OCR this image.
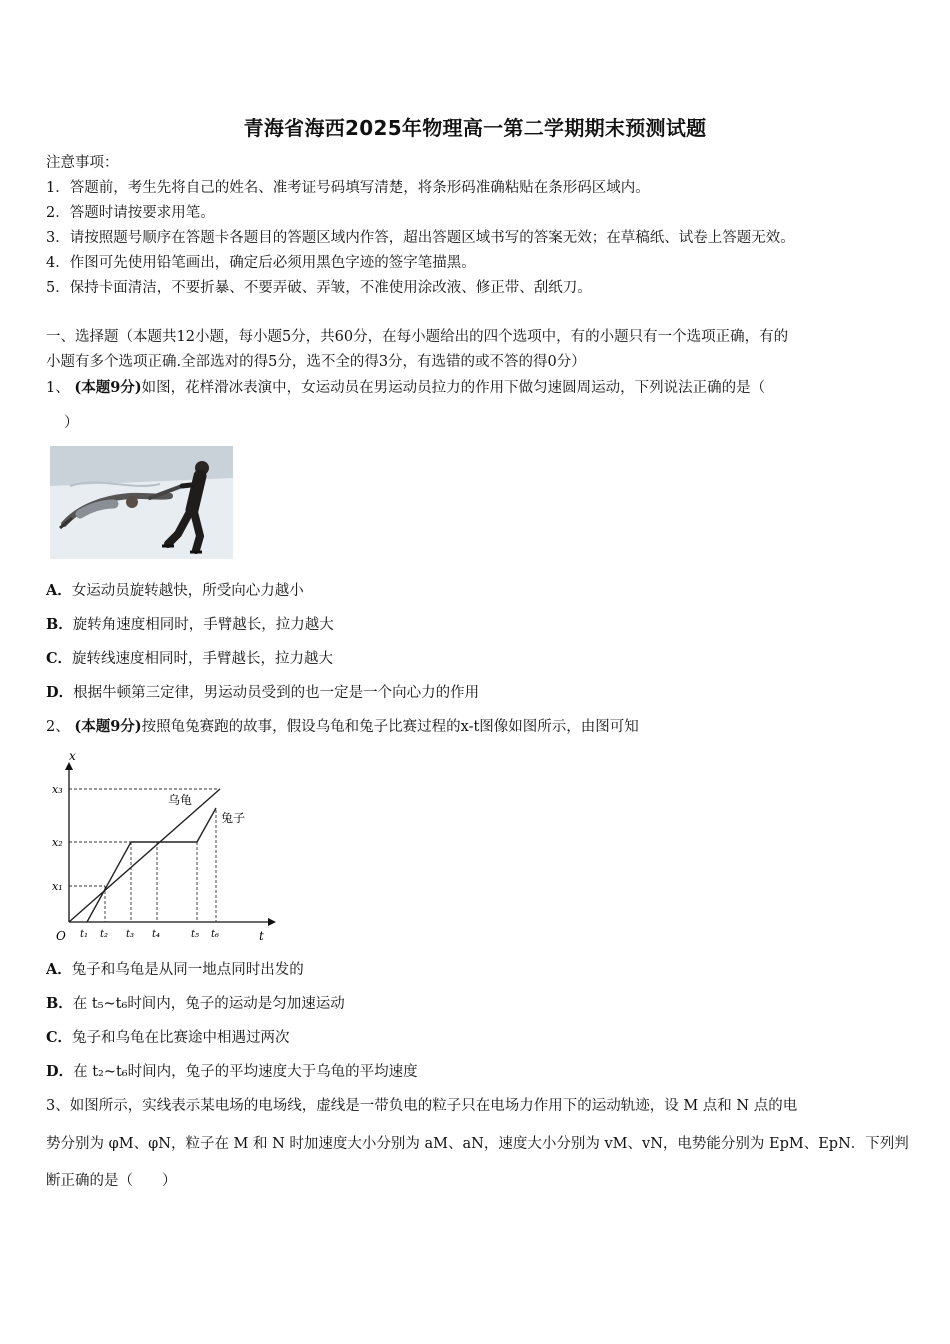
青海省海西2025年物理高一第二学期期末预测试题
注意事项：
1．答题前，考生先将自己的姓名、准考证号码填写清楚，将条形码准确粘贴在条形码区域内。
2．答题时请按要求用笔。
3．请按照题号顺序在答题卡各题目的答题区域内作答，超出答题区域书写的答案无效；在草稿纸、试卷上答题无效。
4．作图可先使用铅笔画出，确定后必须用黑色字迹的签字笔描黑。
5．保持卡面清洁，不要折暴、不要弄破、弄皱，不准使用涂改液、修正带、刮纸刀。
一、选择题（本题共12小题，每小题5分，共60分，在每小题给出的四个选项中，有的小题只有一个选项正确，有的
小题有多个选项正确.全部选对的得5分，选不全的得3分，有选错的或不答的得0分）
1、 (本题9分)如图，花样滑冰表演中，女运动员在男运动员拉力的作用下做匀速圆周运动，下列说法正确的是（
）
A．女运动员旋转越快，所受向心力越小
B．旋转角速度相同时，手臂越长，拉力越大
C．旋转线速度相同时，手臂越长，拉力越大
D．根据牛顿第三定律，男运动员受到的也一定是一个向心力的作用
2、 (本题9分)按照龟兔赛跑的故事，假设乌龟和兔子比赛过程的x-t图像如图所示，由图可知
x
t
O
x₃
x₂
x₁
t₁ t₂ t₃ t₄	t₅ t₆
乌龟
兔子
A．兔子和乌龟是从同一地点同时出发的
B．在 t₅~t₆时间内，兔子的运动是匀加速运动
C．兔子和乌龟在比赛途中相遇过两次
D．在 t₂~t₆时间内，兔子的平均速度大于乌龟的平均速度
3、如图所示，实线表示某电场的电场线，虚线是一带负电的粒子只在电场力作用下的运动轨迹，设 M 点和 N 点的电
势分别为 φM、φN，粒子在 M 和 N 时加速度大小分别为 aM、aN，速度大小分别为 vM、vN，电势能分别为 EpM、EpN．下列判
断正确的是（　　）
